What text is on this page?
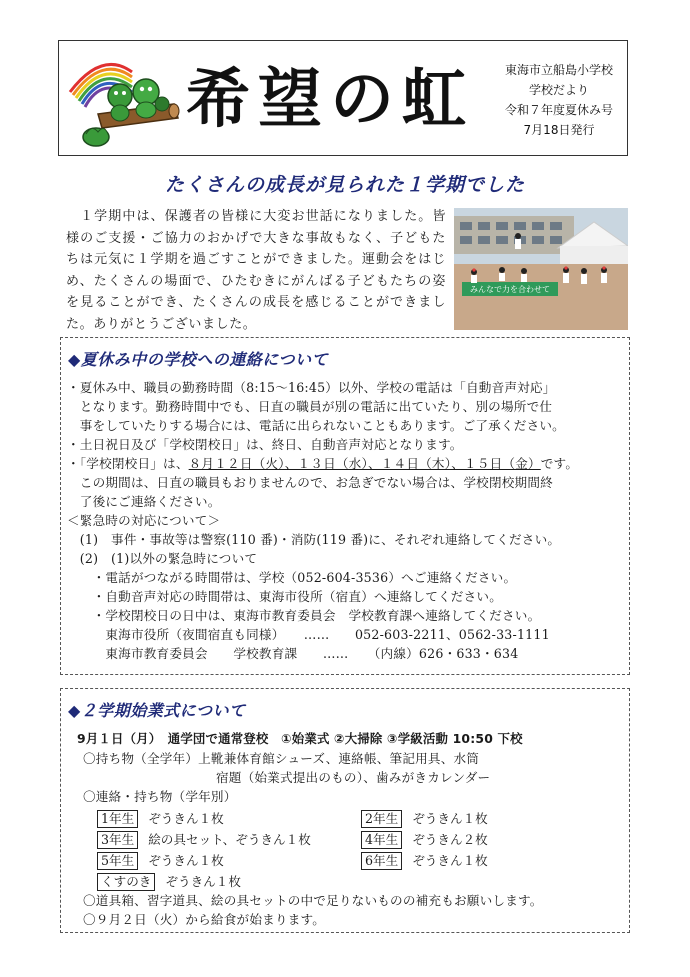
希望の虹	東海市立船島小学校
学校だより
令和７年度夏休み号
7月18日発行
たくさんの成長が見られた１学期でした
　１学期中は、保護者の皆様に大変お世話になりました。皆様のご支援・ご協力のおかげで大きな事故もなく、子どもたちは元気に１学期を過ごすことができました。運動会をはじめ、たくさんの場面で、ひたむきにがんばる子どもたちの姿を見ることができ、たくさんの成長を感じることができました。ありがとうございました。
みんなで力を合わせて
◆夏休み中の学校への連絡について
・夏休み中、職員の勤務時間（8:15～16:45）以外、学校の電話は「自動音声対応」
　となります。勤務時間中でも、日直の職員が別の電話に出ていたり、別の場所で仕
　事をしていたりする場合には、電話に出られないこともあります。ご了承ください。
・土日祝日及び「学校閉校日」は、終日、自動音声対応となります。
・「学校閉校日」は、８月１２日（火）、１３日（水）、１４日（木）、１５日（金）です。
　この期間は、日直の職員もおりませんので、お急ぎでない場合は、学校閉校期間終
　了後にご連絡ください。
＜緊急時の対応について＞
　(1)　事件・事故等は警察(110 番)・消防(119 番)に、それぞれ連絡してください。
　(2)　(1)以外の緊急時について
　　・電話がつながる時間帯は、学校（052-604-3536）へご連絡ください。
　　・自動音声対応の時間帯は、東海市役所（宿直）へ連絡してください。
　　・学校閉校日の日中は、東海市教育委員会　学校教育課へ連絡してください。
　　　東海市役所（夜間宿直も同様）　　……　　052-603-2211、0562-33-1111
　　　東海市教育委員会　　学校教育課　　……　　（内線）626・633・634
◆２学期始業式について
9月１日（月）　通学団で通常登校　①始業式 ②大掃除 ③学級活動 10:50 下校
〇持ち物（全学年）上靴兼体育館シューズ、連絡帳、筆記用具、水筒
宿題（始業式提出のもの）、歯みがきカレンダー
〇連絡・持ち物（学年別）
1年生 ぞうきん１枚	2年生 ぞうきん１枚
3年生 絵の具セット、ぞうきん１枚	4年生 ぞうきん２枚
5年生 ぞうきん１枚	6年生 ぞうきん１枚
くすのき ぞうきん１枚
〇道具箱、習字道具、絵の具セットの中で足りないものの補充もお願いします。
〇９月２日（火）から給食が始まります。
